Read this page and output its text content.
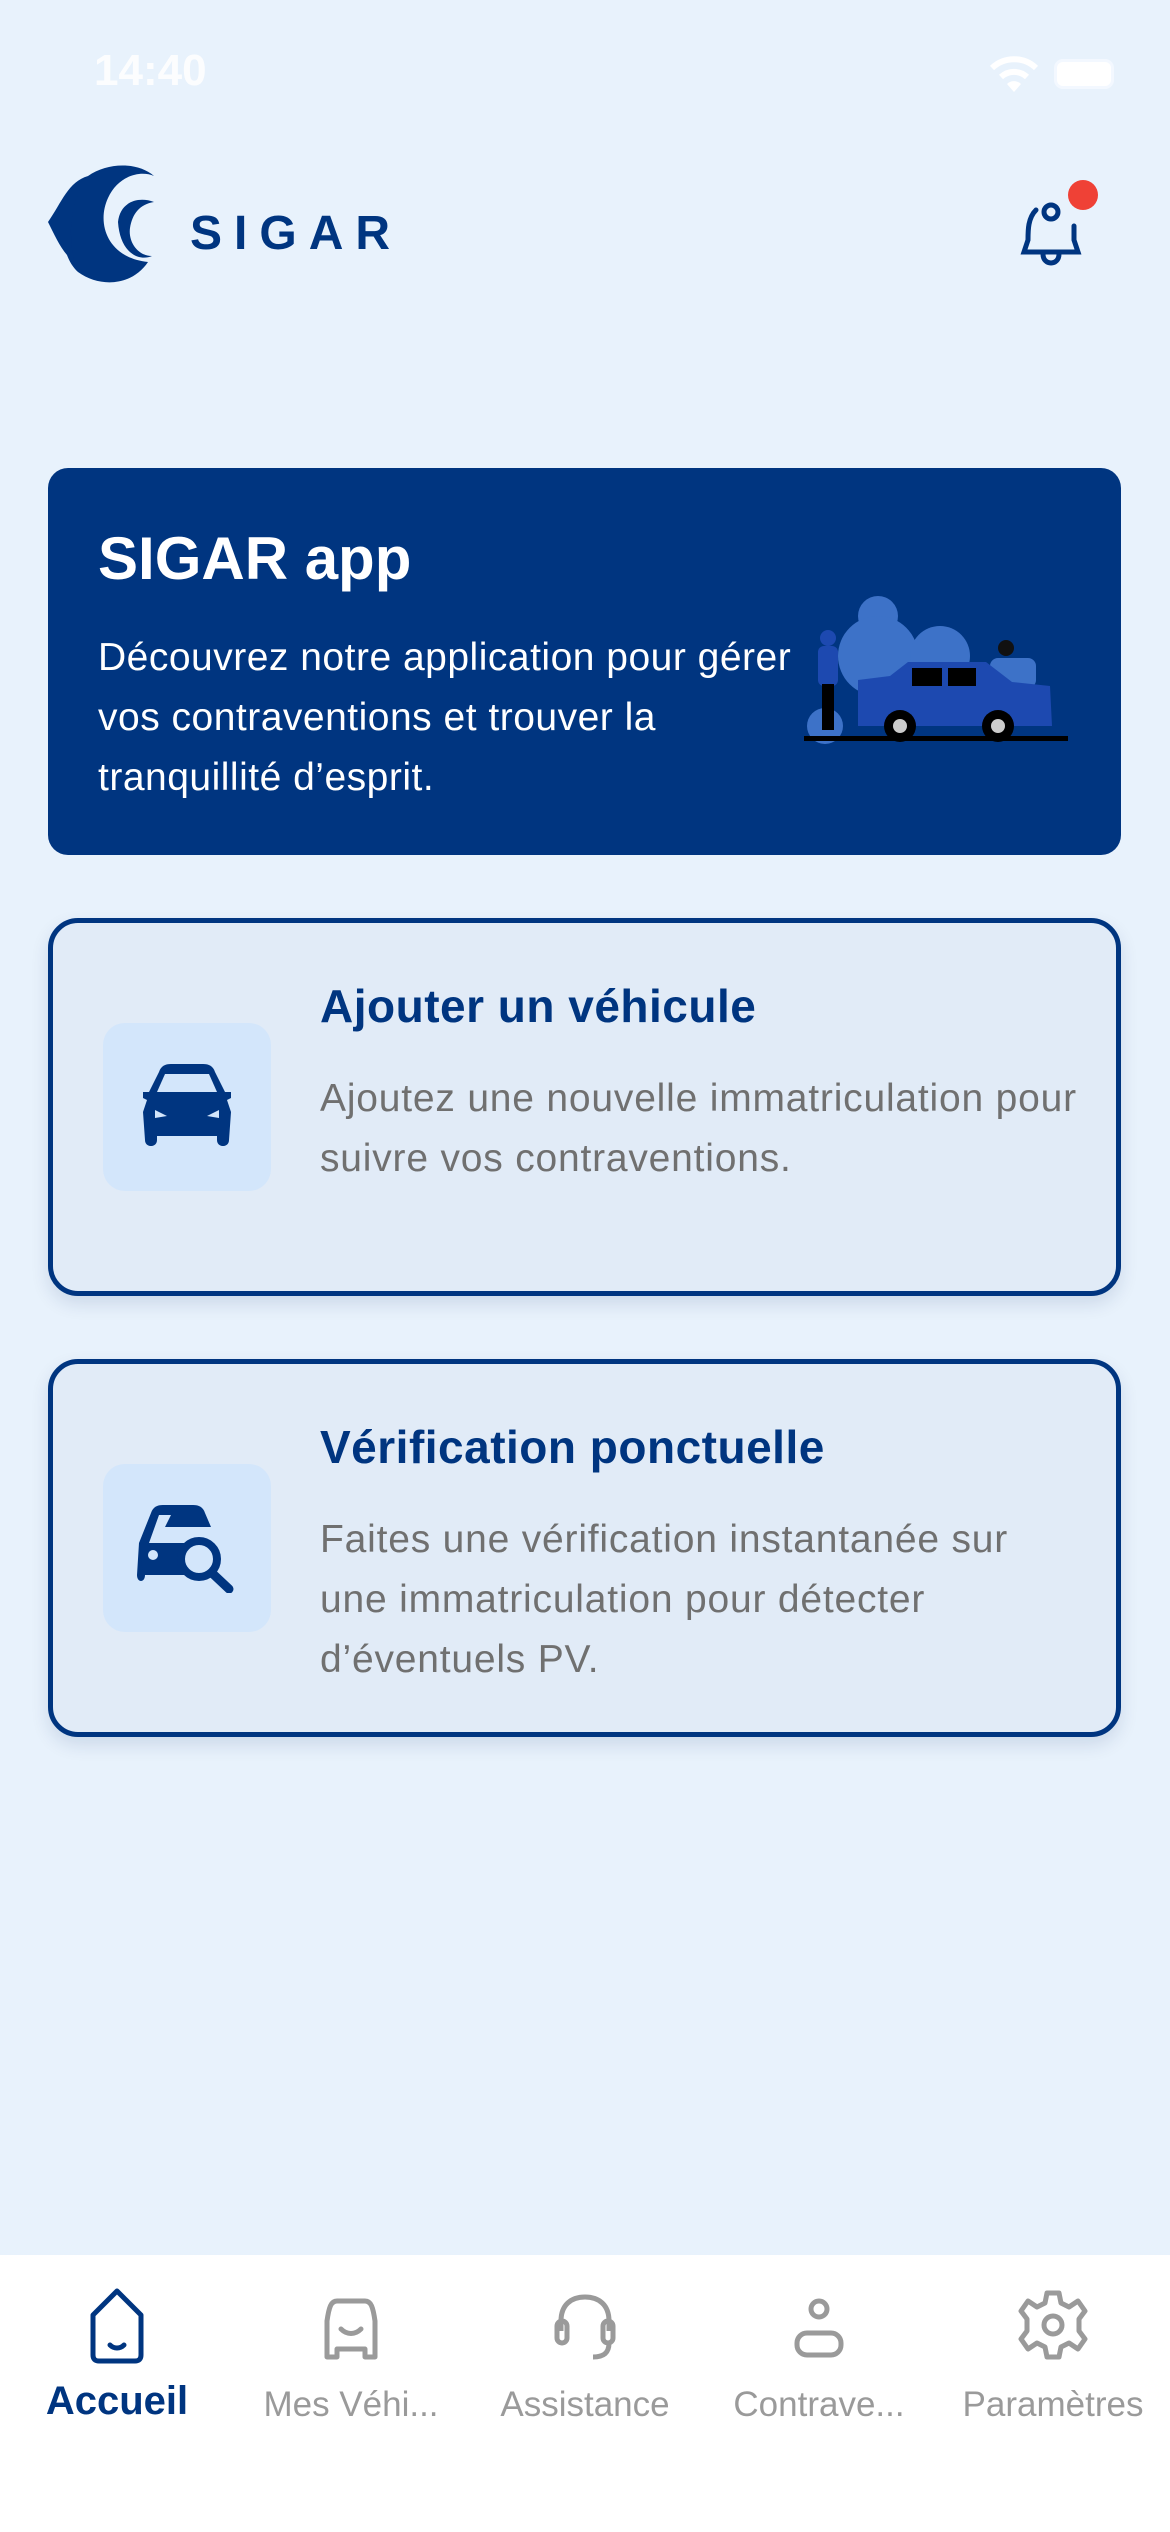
14:40
SIGAR
SIGAR app

Découvrez notre application pour gérer vos contraventions et trouver la tranquillité d’esprit.

Ajouter un véhicule

Ajoutez une nouvelle immatriculation pour suivre vos contraventions.

Vérification ponctuelle

Faites une vérification instantanée sur une immatriculation pour détecter d’éventuels PV.

Accueil	Mes Véhi...	Assistance	Contrave...	Paramètres
